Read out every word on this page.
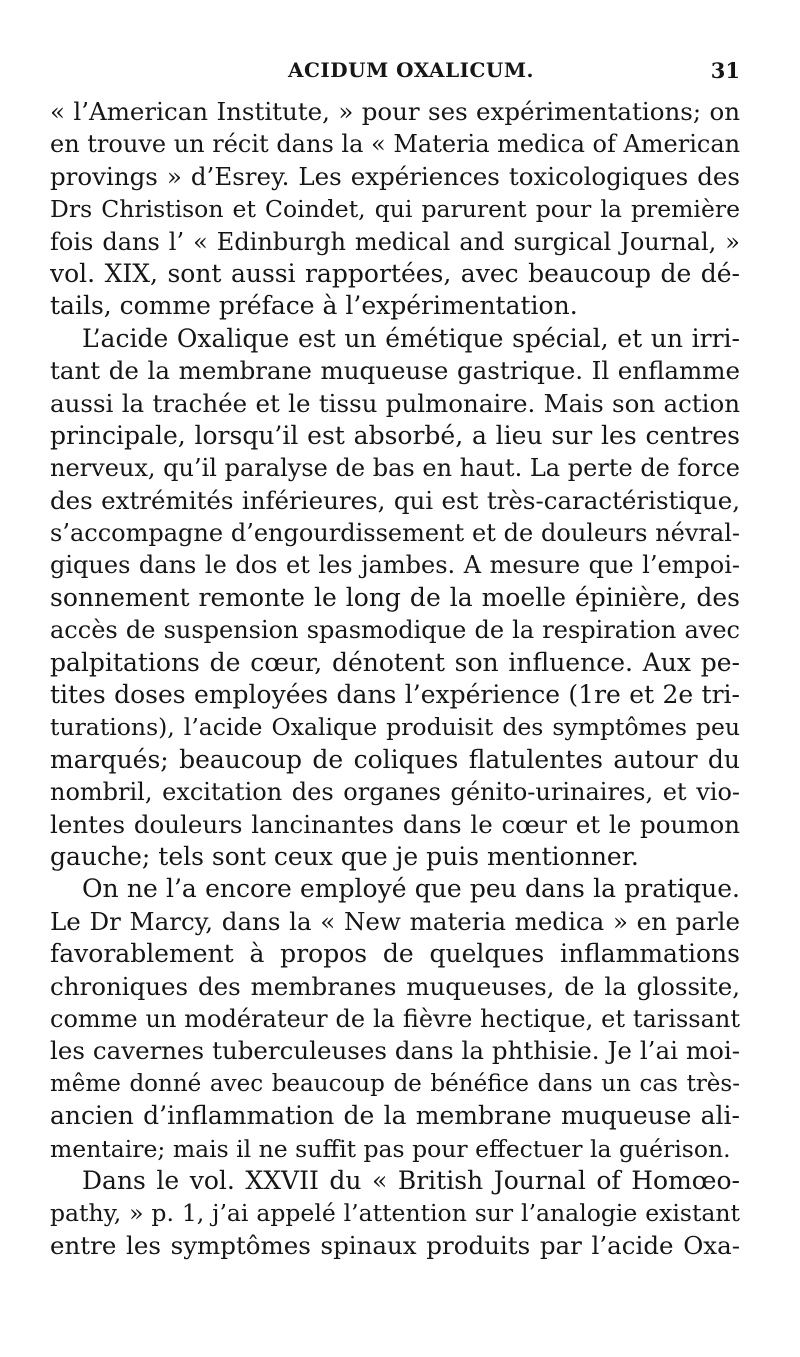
ACIDUM OXALICUM.	31
« l’American Institute, » pour ses expérimentations; on
en trouve un récit dans la « Materia medica of American
provings » d’Esrey. Les expériences toxicologiques des
Drs Christison et Coindet, qui parurent pour la première
fois dans l’ « Edinburgh medical and surgical Journal, »
vol. XIX, sont aussi rapportées, avec beaucoup de dé-
tails, comme préface à l’expérimentation.
L’acide Oxalique est un émétique spécial, et un irri-
tant de la membrane muqueuse gastrique. Il enflamme
aussi la trachée et le tissu pulmonaire. Mais son action
principale, lorsqu’il est absorbé, a lieu sur les centres
nerveux, qu’il paralyse de bas en haut. La perte de force
des extrémités inférieures, qui est très-caractéristique,
s’accompagne d’engourdissement et de douleurs névral-
giques dans le dos et les jambes. A mesure que l’empoi-
sonnement remonte le long de la moelle épinière, des
accès de suspension spasmodique de la respiration avec
palpitations de cœur, dénotent son influence. Aux pe-
tites doses employées dans l’expérience (1re et 2e tri-
turations), l’acide Oxalique produisit des symptômes peu
marqués; beaucoup de coliques flatulentes autour du
nombril, excitation des organes génito-urinaires, et vio-
lentes douleurs lancinantes dans le cœur et le poumon
gauche; tels sont ceux que je puis mentionner.
On ne l’a encore employé que peu dans la pratique.
Le Dr Marcy, dans la « New materia medica » en parle
favorablement à propos de quelques inflammations
chroniques des membranes muqueuses, de la glossite,
comme un modérateur de la fièvre hectique, et tarissant
les cavernes tuberculeuses dans la phthisie. Je l’ai moi-
même donné avec beaucoup de bénéfice dans un cas très-
ancien d’inflammation de la membrane muqueuse ali-
mentaire; mais il ne suffit pas pour effectuer la guérison.
Dans le vol. XXVII du « British Journal of Homœo-
pathy, » p. 1, j’ai appelé l’attention sur l’analogie existant
entre les symptômes spinaux produits par l’acide Oxa-
